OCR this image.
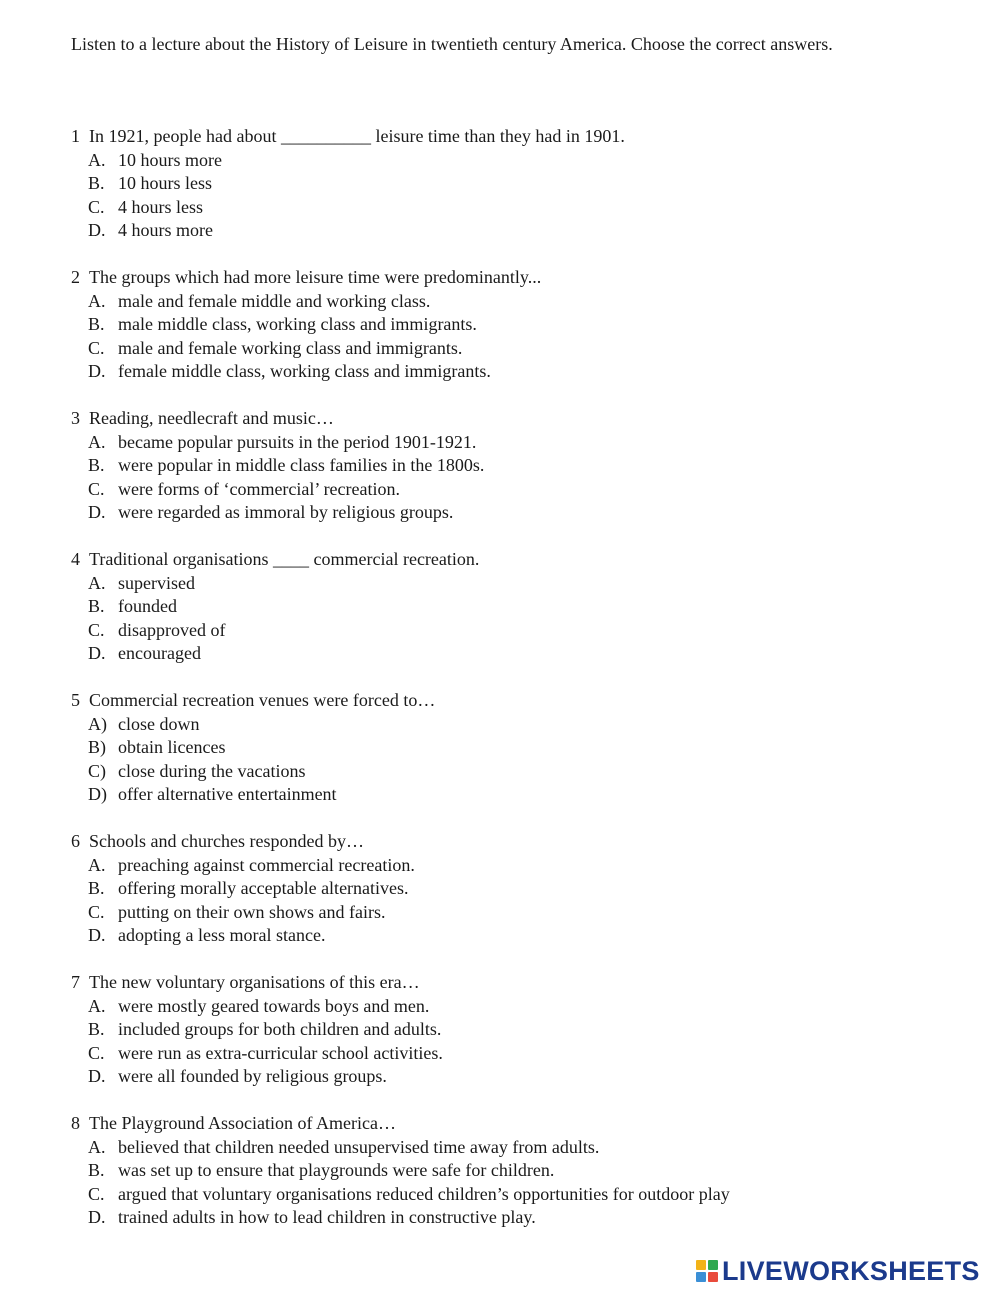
Listen to a lecture about the History of Leisure in twentieth century America. Choose the correct answers.
1 In 1921, people had about __________ leisure time than they had in 1901.
A. 10 hours more
B. 10 hours less
C. 4 hours less
D. 4 hours more
2 The groups which had more leisure time were predominantly...
A. male and female middle and working class.
B. male middle class, working class and immigrants.
C. male and female working class and immigrants.
D. female middle class, working class and immigrants.
3 Reading, needlecraft and music…
A. became popular pursuits in the period 1901-1921.
B. were popular in middle class families in the 1800s.
C. were forms of ‘commercial’ recreation.
D. were regarded as immoral by religious groups.
4 Traditional organisations ____ commercial recreation.
A. supervised
B. founded
C. disapproved of
D. encouraged
5 Commercial recreation venues were forced to…
A) close down
B) obtain licences
C) close during the vacations
D) offer alternative entertainment
6 Schools and churches responded by…
A. preaching against commercial recreation.
B. offering morally acceptable alternatives.
C. putting on their own shows and fairs.
D. adopting a less moral stance.
7 The new voluntary organisations of this era…
A. were mostly geared towards boys and men.
B. included groups for both children and adults.
C. were run as extra-curricular school activities.
D. were all founded by religious groups.
8 The Playground Association of America…
A. believed that children needed unsupervised time away from adults.
B. was set up to ensure that playgrounds were safe for children.
C. argued that voluntary organisations reduced children’s opportunities for outdoor play
D. trained adults in how to lead children in constructive play.
LIVEWORKSHEETS
